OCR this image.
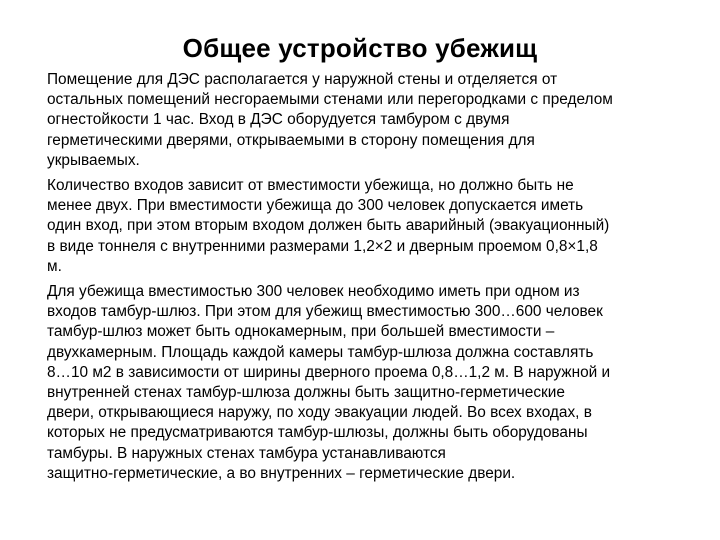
Общее устройство убежищ
Помещение для ДЭС располагается у наружной стены и отделяется от
остальных помещений несгораемыми стенами или перегородками с пределом
огнестойкости 1 час. Вход в ДЭС оборудуется тамбуром с двумя
герметическими дверями, открываемыми в сторону помещения для
укрываемых.
Количество входов зависит от вместимости убежища, но должно быть не
менее двух. При вместимости убежища до 300 человек допускается иметь
один вход, при этом вторым входом должен быть аварийный (эвакуационный)
в виде тоннеля с внутренними размерами 1,2×2 и дверным проемом 0,8×1,8
м.
Для убежища вместимостью 300 человек необходимо иметь при одном из
входов тамбур-шлюз. При этом для убежищ вместимостью 300…600 человек
тамбур-шлюз может быть однокамерным, при большей вместимости –
двухкамерным. Площадь каждой камеры тамбур-шлюза должна составлять
8…10 м2 в зависимости от ширины дверного проема 0,8…1,2 м. В наружной и
внутренней стенах тамбур-шлюза должны быть защитно-герметические
двери, открывающиеся наружу, по ходу эвакуации людей. Во всех входах, в
которых не предусматриваются тамбур-шлюзы, должны быть оборудованы
тамбуры. В наружных стенах тамбура устанавливаются
защитно-герметические, а во внутренних – герметические двери.
